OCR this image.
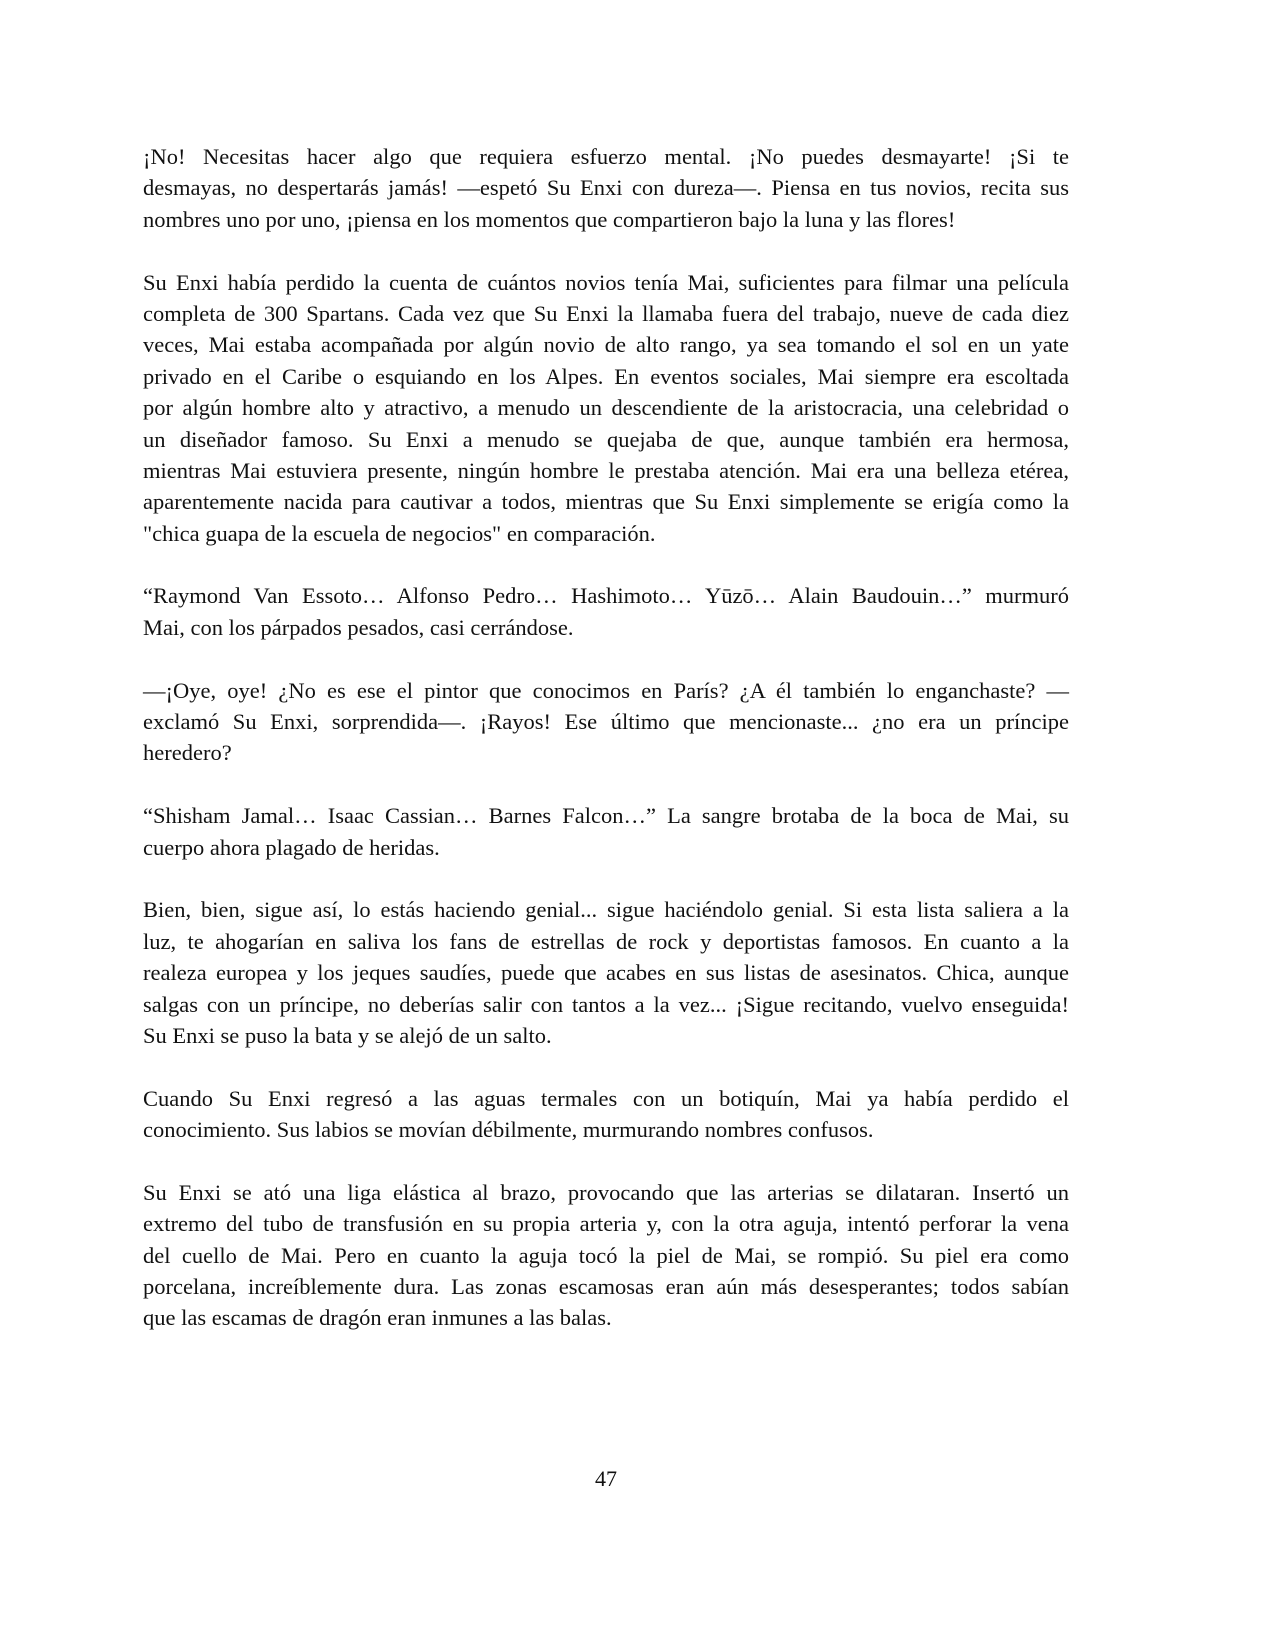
¡No! Necesitas hacer algo que requiera esfuerzo mental. ¡No puedes desmayarte! ¡Si te
desmayas, no despertarás jamás! —espetó Su Enxi con dureza—. Piensa en tus novios, recita sus
nombres uno por uno, ¡piensa en los momentos que compartieron bajo la luna y las flores!
Su Enxi había perdido la cuenta de cuántos novios tenía Mai, suficientes para filmar una película
completa de 300 Spartans. Cada vez que Su Enxi la llamaba fuera del trabajo, nueve de cada diez
veces, Mai estaba acompañada por algún novio de alto rango, ya sea tomando el sol en un yate
privado en el Caribe o esquiando en los Alpes. En eventos sociales, Mai siempre era escoltada
por algún hombre alto y atractivo, a menudo un descendiente de la aristocracia, una celebridad o
un diseñador famoso. Su Enxi a menudo se quejaba de que, aunque también era hermosa,
mientras Mai estuviera presente, ningún hombre le prestaba atención. Mai era una belleza etérea,
aparentemente nacida para cautivar a todos, mientras que Su Enxi simplemente se erigía como la
"chica guapa de la escuela de negocios" en comparación.
“Raymond Van Essoto… Alfonso Pedro… Hashimoto… Yūzō… Alain Baudouin…” murmuró
Mai, con los párpados pesados, casi cerrándose.
—¡Oye, oye! ¿No es ese el pintor que conocimos en París? ¿A él también lo enganchaste? —
exclamó Su Enxi, sorprendida—. ¡Rayos! Ese último que mencionaste... ¿no era un príncipe
heredero?
“Shisham Jamal… Isaac Cassian… Barnes Falcon…” La sangre brotaba de la boca de Mai, su
cuerpo ahora plagado de heridas.
Bien, bien, sigue así, lo estás haciendo genial... sigue haciéndolo genial. Si esta lista saliera a la
luz, te ahogarían en saliva los fans de estrellas de rock y deportistas famosos. En cuanto a la
realeza europea y los jeques saudíes, puede que acabes en sus listas de asesinatos. Chica, aunque
salgas con un príncipe, no deberías salir con tantos a la vez... ¡Sigue recitando, vuelvo enseguida!
Su Enxi se puso la bata y se alejó de un salto.
Cuando Su Enxi regresó a las aguas termales con un botiquín, Mai ya había perdido el
conocimiento. Sus labios se movían débilmente, murmurando nombres confusos.
Su Enxi se ató una liga elástica al brazo, provocando que las arterias se dilataran. Insertó un
extremo del tubo de transfusión en su propia arteria y, con la otra aguja, intentó perforar la vena
del cuello de Mai. Pero en cuanto la aguja tocó la piel de Mai, se rompió. Su piel era como
porcelana, increíblemente dura. Las zonas escamosas eran aún más desesperantes; todos sabían
que las escamas de dragón eran inmunes a las balas.
47
